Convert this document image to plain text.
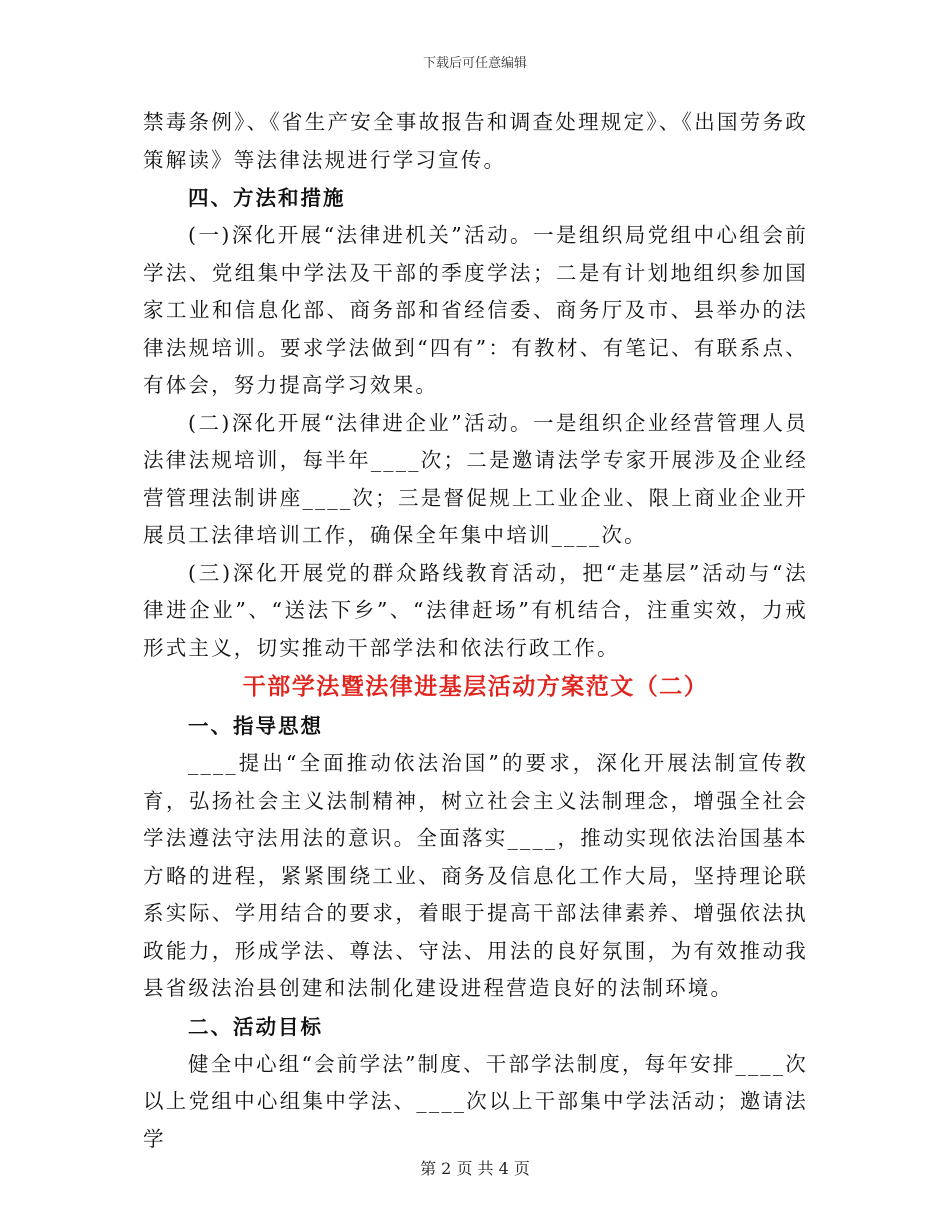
下载后可任意编辑

禁毒条例》、《省生产安全事故报告和调查处理规定》、《出国劳务政策解读》等法律法规进行学习宣传。

四、方法和措施

(一)深化开展“法律进机关”活动。一是组织局党组中心组会前学法、党组集中学法及干部的季度学法；二是有计划地组织参加国家工业和信息化部、商务部和省经信委、商务厅及市、县举办的法律法规培训。要求学法做到“四有”：有教材、有笔记、有联系点、有体会，努力提高学习效果。

(二)深化开展“法律进企业”活动。一是组织企业经营管理人员法律法规培训，每半年____次；二是邀请法学专家开展涉及企业经营管理法制讲座____次；三是督促规上工业企业、限上商业企业开展员工法律培训工作，确保全年集中培训____次。

(三)深化开展党的群众路线教育活动，把“走基层”活动与“法律进企业”、“送法下乡”、“法律赶场”有机结合，注重实效，力戒形式主义，切实推动干部学法和依法行政工作。

干部学法暨法律进基层活动方案范文（二）

一、指导思想

____提出“全面推动依法治国”的要求，深化开展法制宣传教育，弘扬社会主义法制精神，树立社会主义法制理念，增强全社会学法遵法守法用法的意识。全面落实____，推动实现依法治国基本方略的进程，紧紧围绕工业、商务及信息化工作大局，坚持理论联系实际、学用结合的要求，着眼于提高干部法律素养、增强依法执政能力，形成学法、尊法、守法、用法的良好氛围，为有效推动我县省级法治县创建和法制化建设进程营造良好的法制环境。

二、活动目标

健全中心组“会前学法”制度、干部学法制度，每年安排____次以上党组中心组集中学法、____次以上干部集中学法活动；邀请法学

第 2 页 共 4 页
